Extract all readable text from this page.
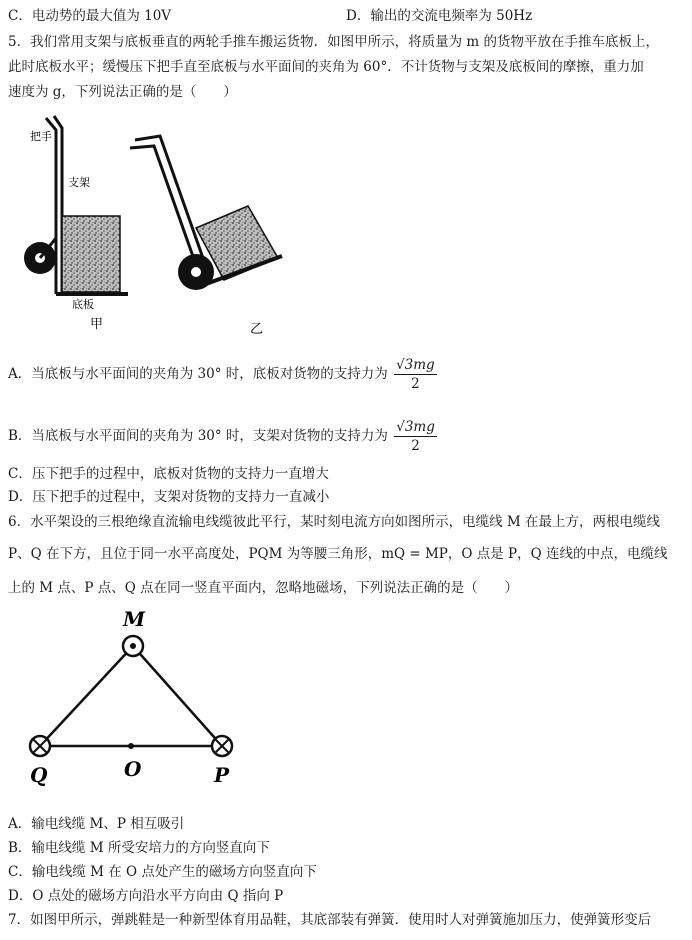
C．电动势的最大值为 10V	D．输出的交流电频率为 50Hz
5．我们常用支架与底板垂直的两轮手推车搬运货物．如图甲所示，将质量为 m 的货物平放在手推车底板上，
此时底板水平；缓慢压下把手直至底板与水平面间的夹角为 60°．不计货物与支架及底板间的摩擦，重力加
速度为 g，下列说法正确的是（　　）
把手
支架
底板
甲	乙
A．当底板与水平面间的夹角为 30° 时，底板对货物的支持力为 $\frac{√3mg}{2}$
B．当底板与水平面间的夹角为 30° 时，支架对货物的支持力为 $\frac{√3mg}{2}$
C．压下把手的过程中，底板对货物的支持力一直增大
D．压下把手的过程中，支架对货物的支持力一直减小
6．水平架设的三根绝缘直流输电线缆彼此平行，某时刻电流方向如图所示，电缆线 M 在最上方，两根电缆线
P、Q 在下方，且位于同一水平高度处，PQM 为等腰三角形，mQ = MP，O 点是 P，Q 连线的中点，电缆线
上的 M 点、P 点、Q 点在同一竖直平面内，忽略地磁场，下列说法正确的是（　　）
M
O	P
Q
A．输电线缆 M、P 相互吸引
B．输电线缆 M 所受安培力的方向竖直向下
C．输电线缆 M 在 O 点处产生的磁场方向竖直向下
D．O 点处的磁场方向沿水平方向由 Q 指向 P
7．如图甲所示，弹跳鞋是一种新型体育用品鞋，其底部装有弹簧．使用时人对弹簧施加压力，使弹簧形变后
